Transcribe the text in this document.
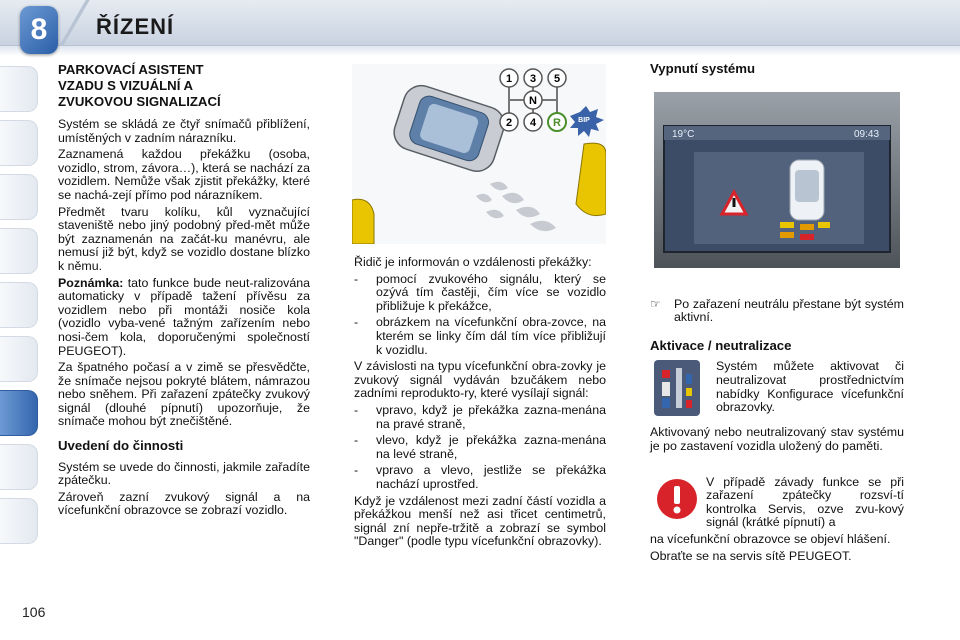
8	ŘÍZENÍ
PARKOVACÍ ASISTENT
VZADU S VIZUÁLNÍ A
ZVUKOVOU SIGNALIZACÍ

Systém se skládá ze čtyř snímačů přiblížení, umístěných v zadním nárazníku.

Zaznamená každou překážku (osoba, vozidlo, strom, závora…), která se nachází za vozidlem. Nemůže však zjistit překážky, které se nachá-zejí přímo pod nárazníkem.

Předmět tvaru kolíku, kůl vyznačující staveniště nebo jiný podobný před-mět může být zaznamenán na začát-ku manévru, ale nemusí již být, když se vozidlo dostane blízko k němu.

Poznámka: tato funkce bude neut-ralizována automaticky v případě tažení přívěsu za vozidlem nebo při montáži nosiče kola (vozidlo vyba-vené tažným zařízením nebo nosi-čem kola, doporučenými společností PEUGEOT).

Za špatného počasí a v zimě se přesvědčte, že snímače nejsou pokryté blátem, námrazou nebo sněhem. Při zařazení zpátečky zvukový signál (dlouhé pípnutí) upozorňuje, že snímače mohou být znečištěné.

Uvedení do činnosti

Systém se uvede do činnosti, jakmile zařadíte zpátečku.

Zároveň zazní zvukový signál a na vícefunkční obrazovce se zobrazí vozidlo.

1 3 5
N
2 4 R BIP

Řidič je informován o vzdálenosti překážky:

-	pomocí zvukového signálu, který se ozývá tím častěji, čím více se vozidlo přibližuje k překážce,
-	obrázkem na vícefunkční obra-zovce, na kterém se linky čím dál tím více přibližují k vozidlu.

V závislosti na typu vícefunkční obra-zovky je zvukový signál vydáván bzučákem nebo zadními reprodukto-ry, které vysílají signál:

-	vpravo, když je překážka zazna-menána na pravé straně,
-	vlevo, když je překážka zazna-menána na levé straně,
-	vpravo a vlevo, jestliže se překážka nachází uprostřed.

Když je vzdálenost mezi zadní částí vozidla a překážkou menší než asi třicet centimetrů, signál zní nepře-tržitě a zobrazí se symbol "Danger" (podle typu vícefunkční obrazovky).

19°C	09:43
Vypnutí systému
☞	Po zařazení neutrálu přestane být systém aktivní.
Aktivace / neutralizace

Systém můžete aktivovat či neutralizovat prostřednictvím nabídky Konfigurace vícefunkční obrazovky.

Aktivovaný nebo neutralizovaný stav systému je po zastavení vozidla uložený do paměti.

V případě závady funkce se při zařazení zpátečky rozsví-tí kontrolka Servis, ozve zvu-kový signál (krátké pípnutí) a

na vícefunkční obrazovce se objeví hlášení.

Obraťte se na servis sítě PEUGEOT.

106
